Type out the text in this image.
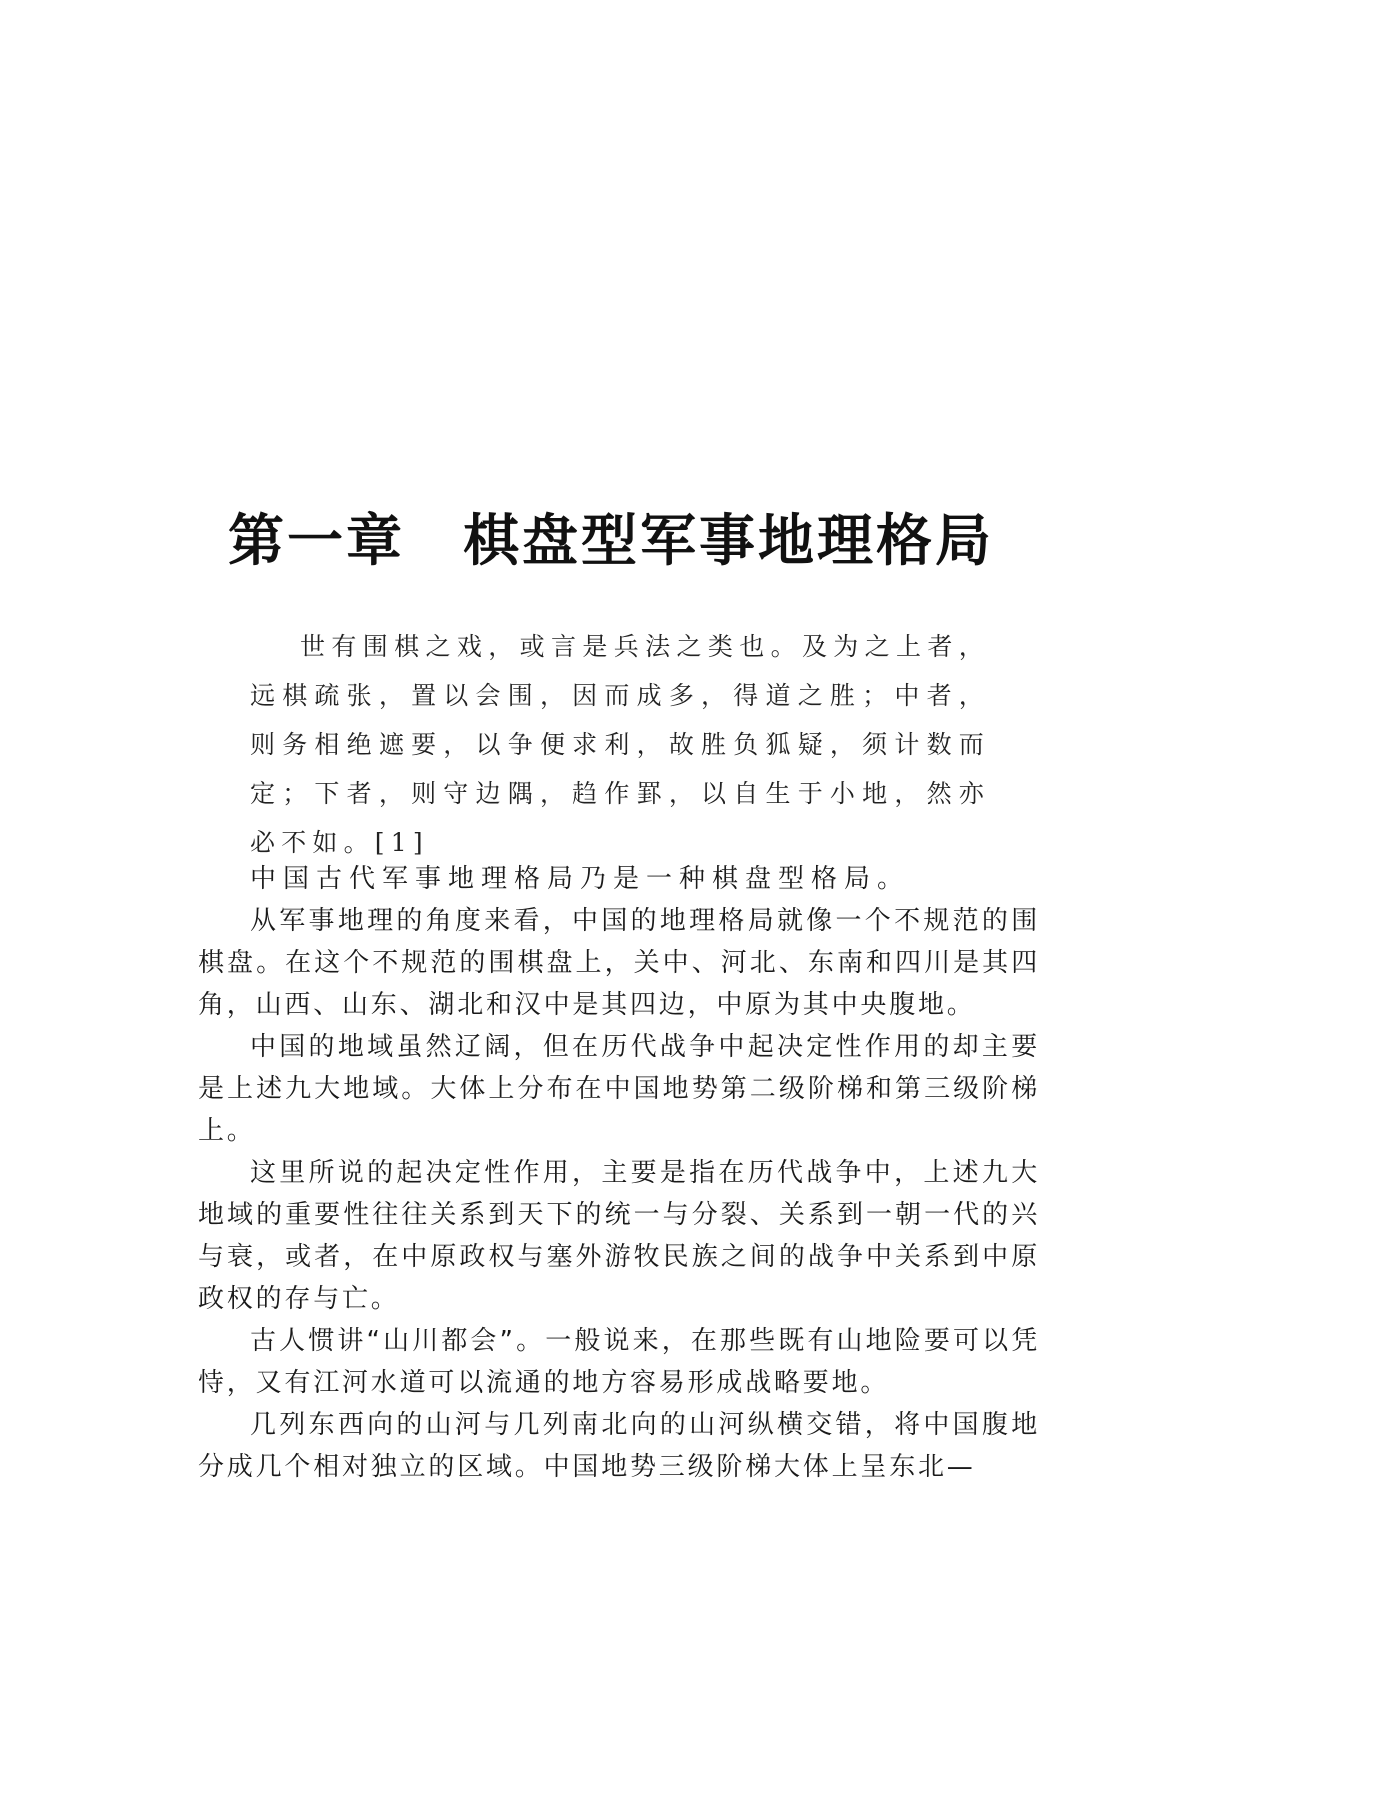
第一章 棋盘型军事地理格局

世有围棋之戏，或言是兵法之类也。及为之上者，远棋疏张，置以会围，因而成多，得道之胜；中者，则务相绝遮要，以争便求利，故胜负狐疑，须计数而定；下者，则守边隅，趋作罫，以自生于小地，然亦必不如。[1]

中国古代军事地理格局乃是一种棋盘型格局。

从军事地理的角度来看，中国的地理格局就像一个不规范的围棋盘。在这个不规范的围棋盘上，关中、河北、东南和四川是其四角，山西、山东、湖北和汉中是其四边，中原为其中央腹地。

中国的地域虽然辽阔，但在历代战争中起决定性作用的却主要是上述九大地域。大体上分布在中国地势第二级阶梯和第三级阶梯上。

这里所说的起决定性作用，主要是指在历代战争中，上述九大地域的重要性往往关系到天下的统一与分裂、关系到一朝一代的兴与衰，或者，在中原政权与塞外游牧民族之间的战争中关系到中原政权的存与亡。

古人惯讲“山川都会”。一般说来，在那些既有山地险要可以凭恃，又有江河水道可以流通的地方容易形成战略要地。

几列东西向的山河与几列南北向的山河纵横交错，将中国腹地分成几个相对独立的区域。中国地势三级阶梯大体上呈东北—
